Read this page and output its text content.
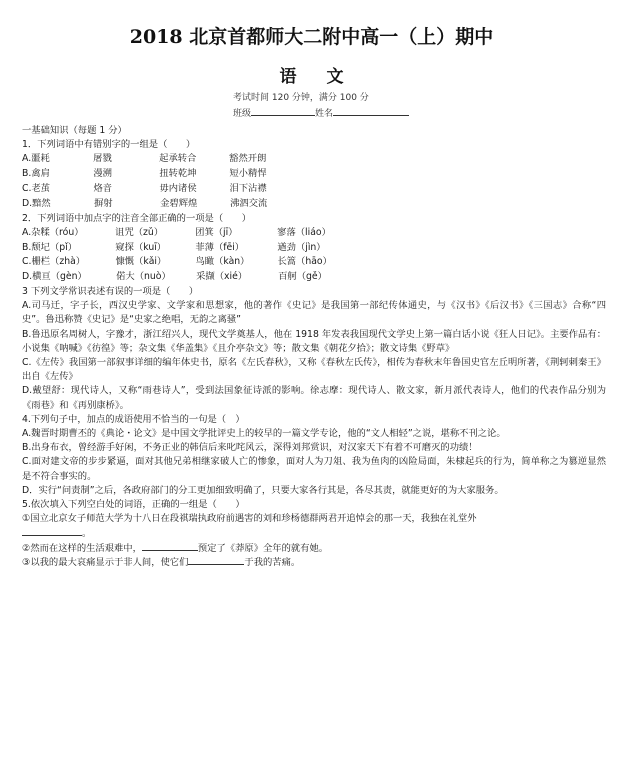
2018 北京首都师大二附中高一（上）期中
语文
考试时间 120 分钟，满分 100 分
班级	姓名
一基础知识（每题 1 分）
1．下列词语中有错别字的一组是（　　）
A. 噩耗	屠戮	起承转合	豁然开朗
B. 禽肩	漫溯	扭转乾坤	短小精悍
C. 老茧	烙音	毋内诸侯	泪下沾襟
D. 黯然	摒射	金碧辉煌	沸泗交流
2．下列词语中加点字的注音全部正确的一项是（　　）
A. 杂糅（róu）	诅咒（zǔ）	团箕（jī）	寥落（liáo）
B. 颓圮（pǐ）	窥探（kuī）	菲薄（fēi）	遒劲（jìn）
C. 栅栏（zhà）	慷慨（kǎi）	鸟瞰（kàn）	长篙（hāo）
D. 横亘（gèn）	偌大（nuò）	采撷（xié）	百舸（gě）
3 下列文学常识表述有误的一项是（　　）
A.司马迁，字子长，西汉史学家、文学家和思想家，他的著作《史记》是我国第一部纪传体通史，与《汉书》《后汉书》《三国志》合称“四史”。鲁迅称赞《史记》是“史家之绝唱，无韵之离骚”
B.鲁迅原名周树人，字豫才，浙江绍兴人，现代文学奠基人，他在 1918 年发表我国现代文学史上第一篇白话小说《狂人日记》。主要作品有：小说集《呐喊》《彷徨》等；杂文集《华盖集》《且介亭杂文》等；散文集《朝花夕拾》；散文诗集《野草》
C.《左传》我国第一部叙事详细的编年体史书，原名《左氏春秋》，又称《春秋左氏传》，相传为春秋末年鲁国史官左丘明所著，《荆轲刺秦王》出自《左传》
D.戴望舒：现代诗人，又称“雨巷诗人”，受到法国象征诗派的影响。徐志摩：现代诗人、散文家，新月派代表诗人，他们的代表作品分别为《雨巷》和《再别康桥》。
4.下列句子中，加点的成语使用不恰当的一句是（　）
A.魏晋时期曹丕的《典论・论文》是中国文学批评史上的较早的一篇文学专论，他的“文人相轻”之说，堪称不刊之论。
B.出身布衣，曾经游手好闲，不务正业的韩信后来叱咤风云，深得刘邦赏识，对汉家天下有着不可磨灭的功绩！
C.面对建文帝的步步紧逼，面对其他兄弟相继家破人亡的惨象，面对人为刀俎、我为鱼肉的凶险局面，朱棣起兵的行为，简单称之为篡逆显然是不符合事实的。
D．实行“问责制”之后，各政府部门的分工更加细致明确了，只要大家各行其是，各尽其责，就能更好的为大家服务。
5.依次填入下列空白处的词语，正确的一组是（　　）
①国立北京女子师范大学为十八日在段祺瑞执政府前遇害的刘和珍杨德群两君开追悼会的那一天，我独在礼堂外
。
②然而在这样的生活艰难中，	预定了《莽原》全年的就有她。
③以我的最大哀痛显示于非人间，使它们	于我的苦痛。
